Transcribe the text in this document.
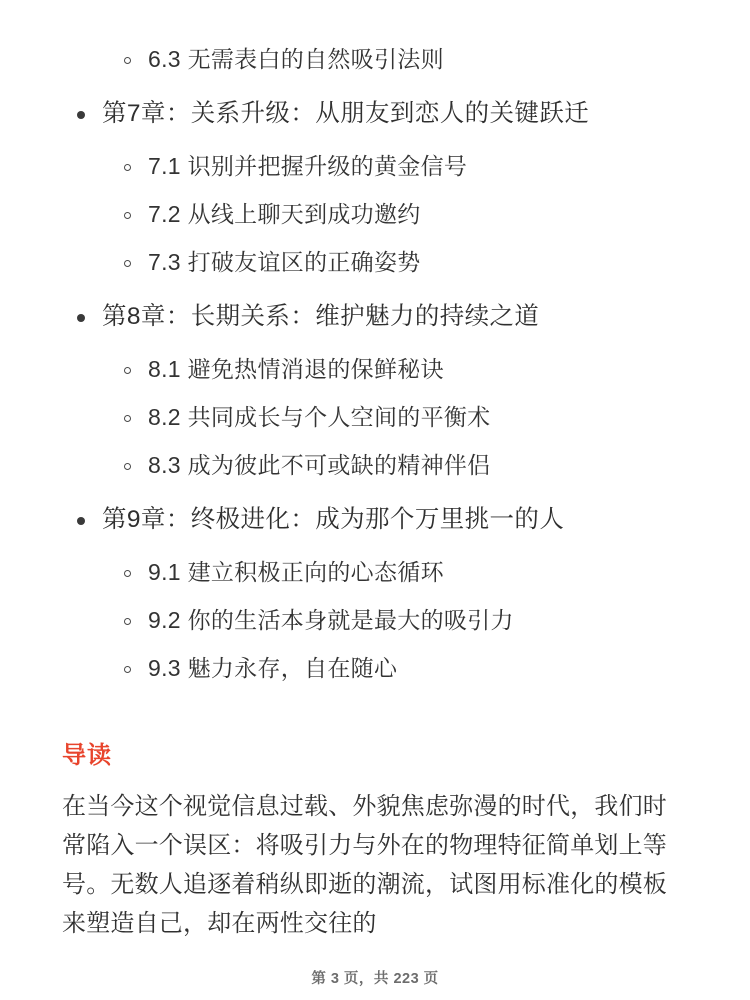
6.3 无需表白的自然吸引法则
第7章：关系升级：从朋友到恋人的关键跃迁
7.1 识别并把握升级的黄金信号
7.2 从线上聊天到成功邀约
7.3 打破友谊区的正确姿势
第8章：长期关系：维护魅力的持续之道
8.1 避免热情消退的保鲜秘诀
8.2 共同成长与个人空间的平衡术
8.3 成为彼此不可或缺的精神伴侣
第9章：终极进化：成为那个万里挑一的人
9.1 建立积极正向的心态循环
9.2 你的生活本身就是最大的吸引力
9.3 魅力永存，自在随心
导读

在当今这个视觉信息过载、外貌焦虑弥漫的时代，我们时常陷入一个误区：将吸引力与外在的物理特征简单划上等号。无数人追逐着稍纵即逝的潮流，试图用标准化的模板来塑造自己，却在两性交往的

第 3 页，共 223 页
